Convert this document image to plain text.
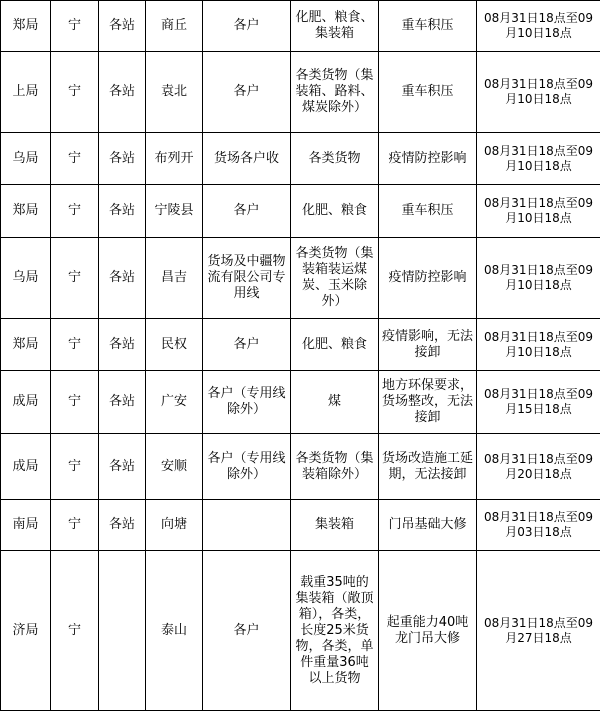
郑局	宁	各站	商丘	各户	化肥、粮食、集装箱	重车积压	08月31日18点至09月10日18点
上局	宁	各站	袁北	各户	各类货物（集装箱、路料、煤炭除外）	重车积压	08月31日18点至09月10日18点
乌局	宁	各站	布列开	货场各户收	各类货物	疫情防控影响	08月31日18点至09月10日18点
郑局	宁	各站	宁陵县	各户	化肥、粮食	重车积压	08月31日18点至09月10日18点
乌局	宁	各站	昌吉	货场及中疆物流有限公司专用线	各类货物（集装箱装运煤炭、玉米除外）	疫情防控影响	08月31日18点至09月10日18点
郑局	宁	各站	民权	各户	化肥、粮食	疫情影响，无法接卸	08月31日18点至09月10日18点
成局	宁	各站	广安	各户（专用线除外）	煤	地方环保要求，货场整改，无法接卸	08月31日18点至09月15日18点
成局	宁	各站	安顺	各户（专用线除外）	各类货物（集装箱除外）	货场改造施工延期，无法接卸	08月31日18点至09月20日18点
南局	宁	各站	向塘		集装箱	门吊基础大修	08月31日18点至09月03日18点
济局	宁		泰山	各户	载重35吨的集装箱（敞顶箱），各类，长度25米货物，各类，单件重量36吨以上货物	起重能力40吨龙门吊大修	08月31日18点至09月27日18点
